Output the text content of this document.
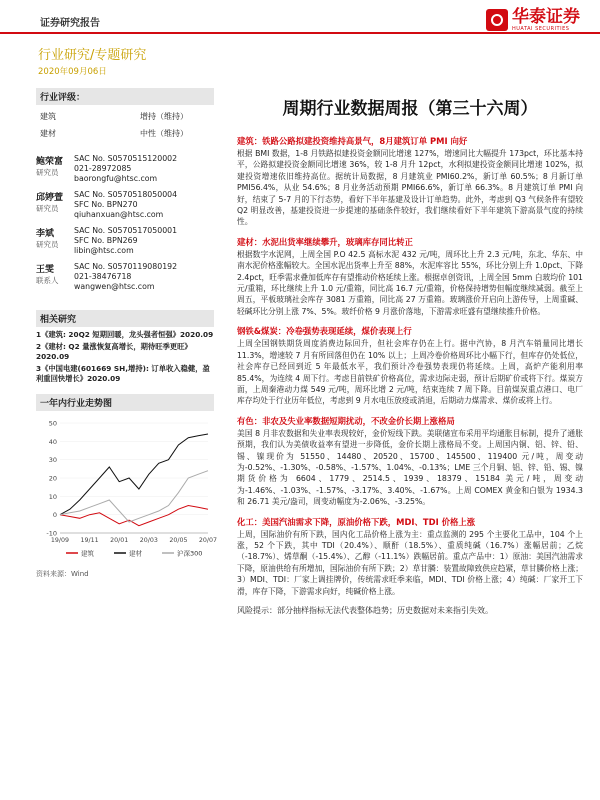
证券研究报告	华泰证券
HUATAI SECURITIES
行业研究/专题研究
2020年09月06日
行业评级：
建筑	增持（维持）
建材	中性（维持）
鲍荣富
研究员
SAC No. S0570515120002
021-28972085
baorongfu@htsc.com
邱婷萱
研究员
SAC No. S0570518050004
SFC No. BPN270
qiuhanxuan@htsc.com
李斌
研究员
SAC No. S0570517050001
SFC No. BPN269
libin@htsc.com
王雯
联系人
SAC No. S0570119080192
021-38476718
wangwen@htsc.com
相关研究
1《建筑: 20Q2 短期回暖，龙头强者恒强》2020.09
2《建材: Q2 量涨恢复高增长，期待旺季更旺》2020.09
3《中国电建(601669 SH,增持): 订单收入稳健，盈利重回快增长》2020.09
一年内行业走势图
-10
0
10
20
30
40
50
19/09 19/11 20/01 20/03 20/05 20/07
建筑	建材	沪深300
资料来源：Wind
周期行业数据周报（第三十六周）
建筑：铁路公路拟建投资维持高景气，8月建筑订单 PMI 向好
根据 BMI 数据，1-8 月铁路拟建投资金额同比增速 127%，增速同比大幅提升 173pct，环比基本持平，公路拟建投资金额同比增速 36%，较 1-8 月升 12pct，水利拟建投资金额同比增速 102%，拟建投资增速依旧维持高位。据统计局数据，8 月建筑业 PMI60.2%，新订单 60.5%；8 月新订单 PMI56.4%，从业 54.6%；8 月业务活动预期 PMI66.6%，新订单 66.3%。8 月建筑订单 PMI 向好，结束了 5-7 月的下行态势，看好下半年基建及设计订单趋势。此外，考虑到 Q3 气候条件有望较 Q2 明显改善，基建投资进一步提速的基础条件较好，我们继续看好下半年建筑下游高景气度的持续性。
建材：水泥出货率继续攀升，玻璃库存同比转正
根据数字水泥网，上周全国 P.O 42.5 高标水泥 432 元/吨，周环比上升 2.3 元/吨，东北、华东、中南水泥价格涨幅较大。全国水泥出货率上升至 88%，水泥库容比 55%，环比分别上升 1.0pct、下降 2.4pct，旺季需求叠加低库存有望推动价格延续上涨。根据卓创资讯，上周全国 5mm 白玻均价 101 元/重箱，环比继续上升 1.0 元/重箱，同比高 16.7 元/重箱，价格保持增势但幅度继续减弱。截至上周五，平板玻璃社会库存 3081 万重箱，同比高 27 万重箱。玻璃涨价开启向上游传导，上周重碱、轻碱环比分别上涨 7%、5%。玻纤价格 9 月涨价落地，下游需求旺盛有望继续推升价格。
钢铁&煤炭：冷卷强势表现延续，煤价表现上行
上周全国钢铁期货周度消费边际回升，但社会库存仍在上行。据中汽协，8 月汽车销量同比增长 11.3%，增速较 7 月有所回落但仍在 10% 以上；上周冷卷价格周环比小幅下行，但库存仍处低位，社会库存已经回到近 5 年最低水平，我们预计冷卷强势表现仍将延续。上周，高炉产能利用率 85.4%，为连续 4 周下行。考虑目前铁矿价格高位，需求边际走弱，预计后期矿价或将下行。煤炭方面，上周秦港动力煤 549 元/吨，周环比增 2 元/吨，结束连续 7 周下降。目前煤炭重点港口、电厂库存均处于行业历年低位，考虑到 9 月水电压放疫或消退，后期动力煤需求、煤价或将上行。
有色：非农及失业率数据短期扰动，不改金价长期上涨格局
美国 8 月非农数据和失业率表现较好，金价短线下跌。美联储宣布采用平均通胀目标制，提升了通胀预期，我们认为美债收益率有望进一步降低，金价长期上涨格局不变。上周国内铜、铝、锌、铅、锡、镍现价为 51550、14480、20520、15700、145500、119400 元/吨，周变动为-0.52%、-1.30%、-0.58%、-1.57%、1.04%、-0.13%；LME 三个月铜、铝、锌、铅、锡、镍期货价格为 6604、1779、2514.5、1939、18379、15184 美元/吨，周变动为-1.46%、-1.03%、-1.57%、-3.17%、3.40%、-1.67%。上周 COMEX 黄金和白银为 1934.3 和 26.71 美元/盎司，周变动幅度为-2.06%、-3.25%。
化工：美国汽油需求下降，原油价格下跌，MDI、TDI 价格上涨
上周，国际油价有所下跌，国内化工品价格上涨为主：重点监测的 295 个主要化工品中，104 个上涨，52 个下跌，其中 TDI（20.4%）、顺酐（18.5%）、重质纯碱（16.7%）涨幅居前；乙烷（-18.7%）、烯草酮（-15.4%）、乙醇（-11.1%）跌幅居前。重点产品中：1）原油：美国汽油需求下降，原油供给有所增加，国际油价有所下跌；2）草甘膦：装置故障致供应趋紧，草甘膦价格上涨；3）MDI、TDI：厂家上调挂牌价，传统需求旺季来临，MDI、TDI 价格上涨；4）纯碱：厂家开工下滑，库存下降，下游需求向好，纯碱价格上涨。
风险提示：部分抽样指标无法代表整体趋势；历史数据对未来指引失效。
